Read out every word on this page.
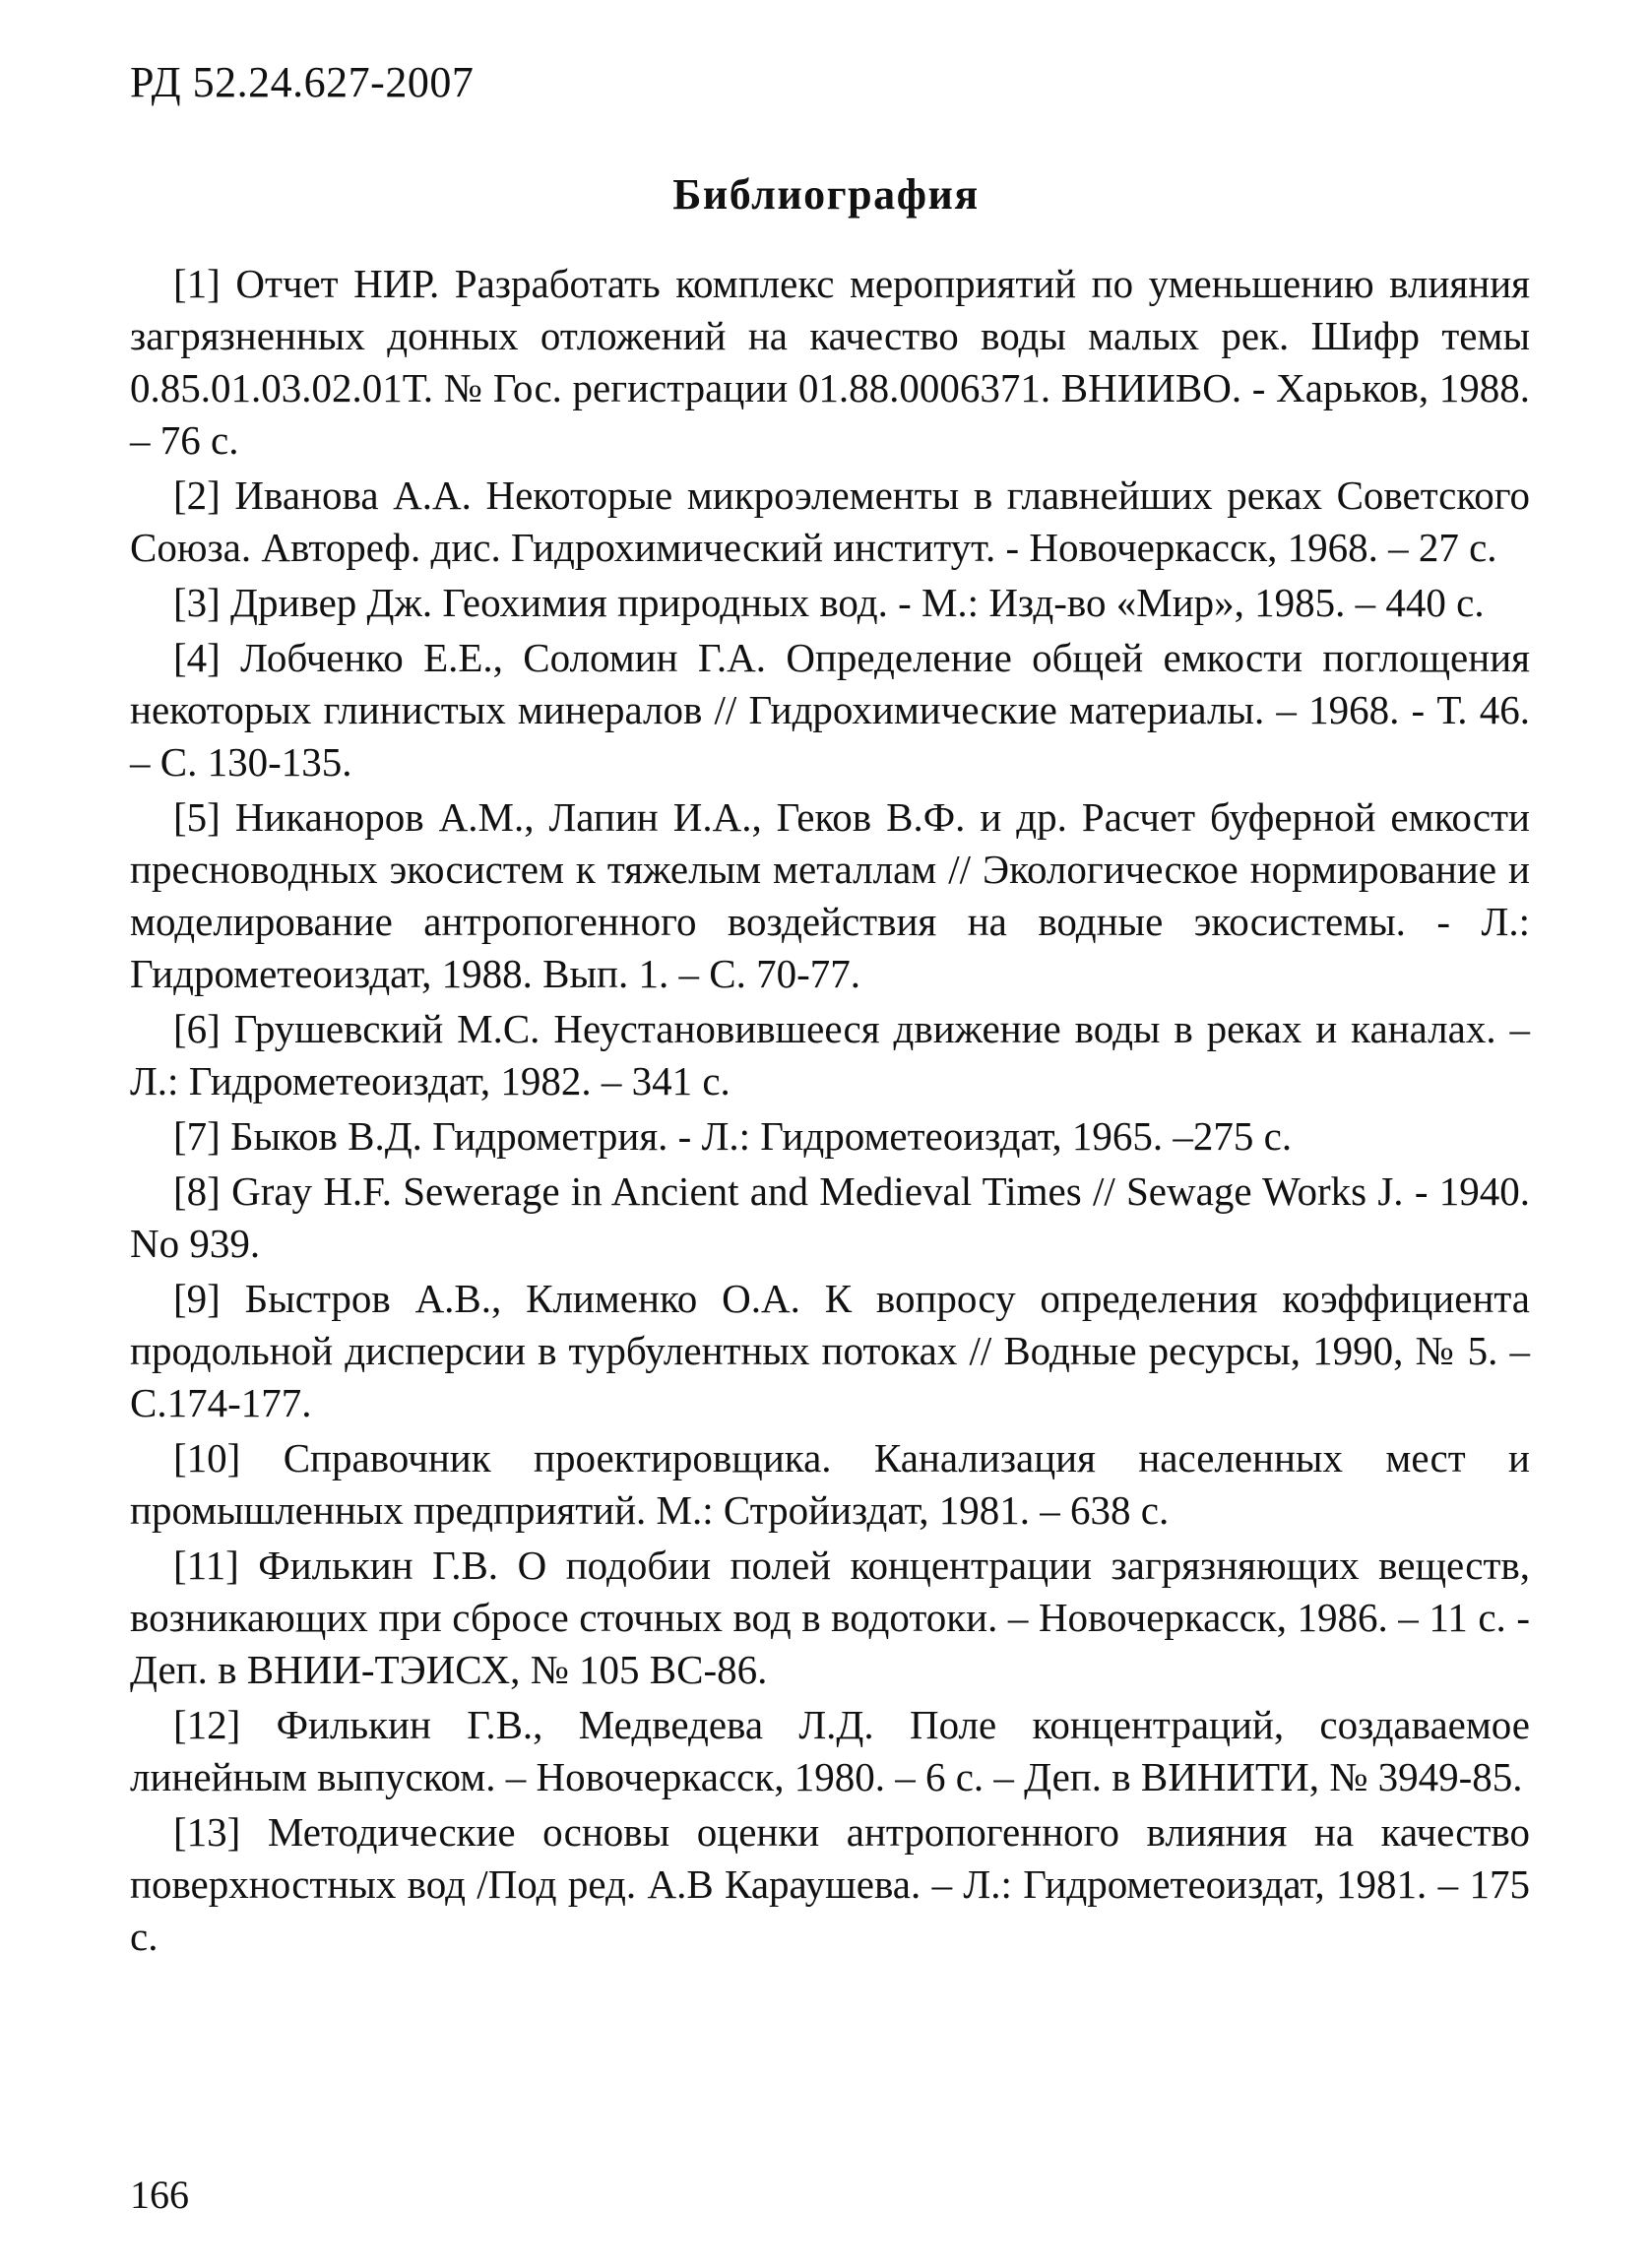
РД 52.24.627-2007
Библиография
[1] Отчет НИР. Разработать комплекс мероприятий по уменьшению влияния загрязненных донных отложений на качество воды малых рек. Шифр темы 0.85.01.03.02.01Т. № Гос. регистрации 01.88.0006371. ВНИИВО. - Харьков, 1988. – 76 с.
[2] Иванова А.А. Некоторые микроэлементы в главнейших реках Советского Союза. Автореф. дис. Гидрохимический институт. - Новочеркасск, 1968. – 27 с.
[3] Дривер Дж. Геохимия природных вод. - М.: Изд-во «Мир», 1985. – 440 с.
[4] Лобченко Е.Е., Соломин Г.А. Определение общей емкости поглощения некоторых глинистых минералов // Гидрохимические материалы. – 1968. - Т. 46. – С. 130-135.
[5] Никаноров А.М., Лапин И.А., Геков В.Ф. и др. Расчет буферной емкости пресноводных экосистем к тяжелым металлам // Экологическое нормирование и моделирование антропогенного воздействия на водные экосистемы. - Л.: Гидрометеоиздат, 1988. Вып. 1. – С. 70-77.
[6] Грушевский М.С. Неустановившееся движение воды в реках и каналах. – Л.: Гидрометеоиздат, 1982. – 341 с.
[7] Быков В.Д. Гидрометрия. - Л.: Гидрометеоиздат, 1965. –275 с.
[8] Gray H.F. Sewerage in Ancient and Medieval Times // Sewage Works J. - 1940. No 939.
[9] Быстров А.В., Клименко О.А. К вопросу определения коэффициента продольной дисперсии в турбулентных потоках // Водные ресурсы, 1990, № 5. – С.174-177.
[10] Справочник проектировщика. Канализация населенных мест и промышленных предприятий. М.: Стройиздат, 1981. – 638 с.
[11] Филькин Г.В. О подобии полей концентрации загрязняющих веществ, возникающих при сбросе сточных вод в водотоки. – Новочеркасск, 1986. – 11 с. - Деп. в ВНИИ-ТЭИСХ, № 105 ВС-86.
[12] Филькин Г.В., Медведева Л.Д. Поле концентраций, создаваемое линейным выпуском. – Новочеркасск, 1980. – 6 с. – Деп. в ВИНИТИ, № 3949-85.
[13] Методические основы оценки антропогенного влияния на качество поверхностных вод /Под ред. А.В Караушева. – Л.: Гидрометеоиздат, 1981. – 175 с.
166
